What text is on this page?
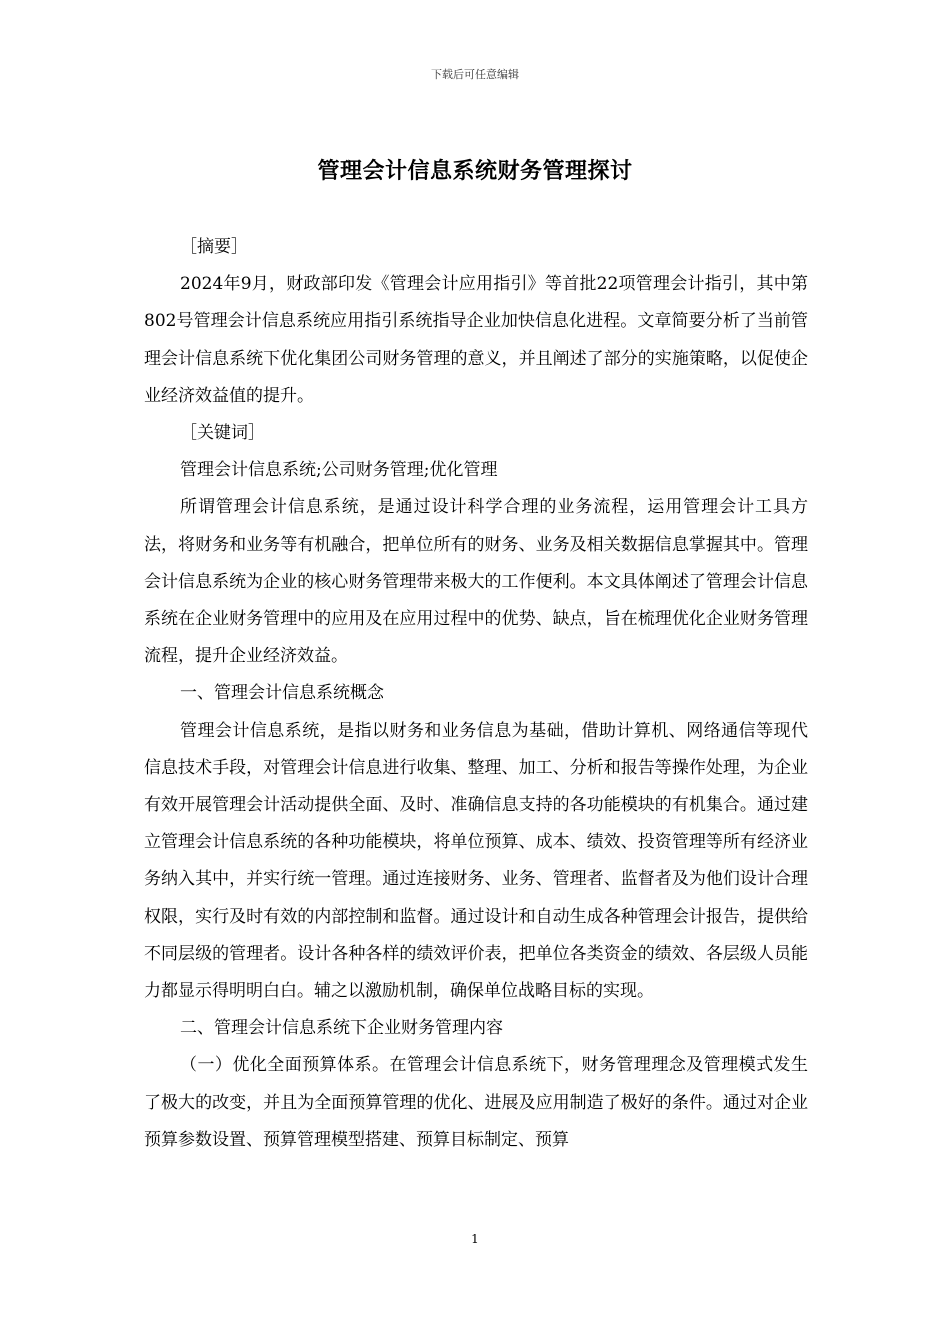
下载后可任意编辑
管理会计信息系统财务管理探讨

［摘要］

2024年9月，财政部印发《管理会计应用指引》等首批22项管理会计指引，其中第802号管理会计信息系统应用指引系统指导企业加快信息化进程。文章简要分析了当前管理会计信息系统下优化集团公司财务管理的意义，并且阐述了部分的实施策略，以促使企业经济效益值的提升。

［关键词］

管理会计信息系统;公司财务管理;优化管理

所谓管理会计信息系统，是通过设计科学合理的业务流程，运用管理会计工具方法，将财务和业务等有机融合，把单位所有的财务、业务及相关数据信息掌握其中。管理会计信息系统为企业的核心财务管理带来极大的工作便利。本文具体阐述了管理会计信息系统在企业财务管理中的应用及在应用过程中的优势、缺点，旨在梳理优化企业财务管理流程，提升企业经济效益。

一、管理会计信息系统概念

管理会计信息系统，是指以财务和业务信息为基础，借助计算机、网络通信等现代信息技术手段，对管理会计信息进行收集、整理、加工、分析和报告等操作处理，为企业有效开展管理会计活动提供全面、及时、准确信息支持的各功能模块的有机集合。通过建立管理会计信息系统的各种功能模块，将单位预算、成本、绩效、投资管理等所有经济业务纳入其中，并实行统一管理。通过连接财务、业务、管理者、监督者及为他们设计合理权限，实行及时有效的内部控制和监督。通过设计和自动生成各种管理会计报告，提供给不同层级的管理者。设计各种各样的绩效评价表，把单位各类资金的绩效、各层级人员能力都显示得明明白白。辅之以激励机制，确保单位战略目标的实现。

二、管理会计信息系统下企业财务管理内容

（一）优化全面预算体系。在管理会计信息系统下，财务管理理念及管理模式发生了极大的改变，并且为全面预算管理的优化、进展及应用制造了极好的条件。通过对企业预算参数设置、预算管理模型搭建、预算目标制定、预算

1
